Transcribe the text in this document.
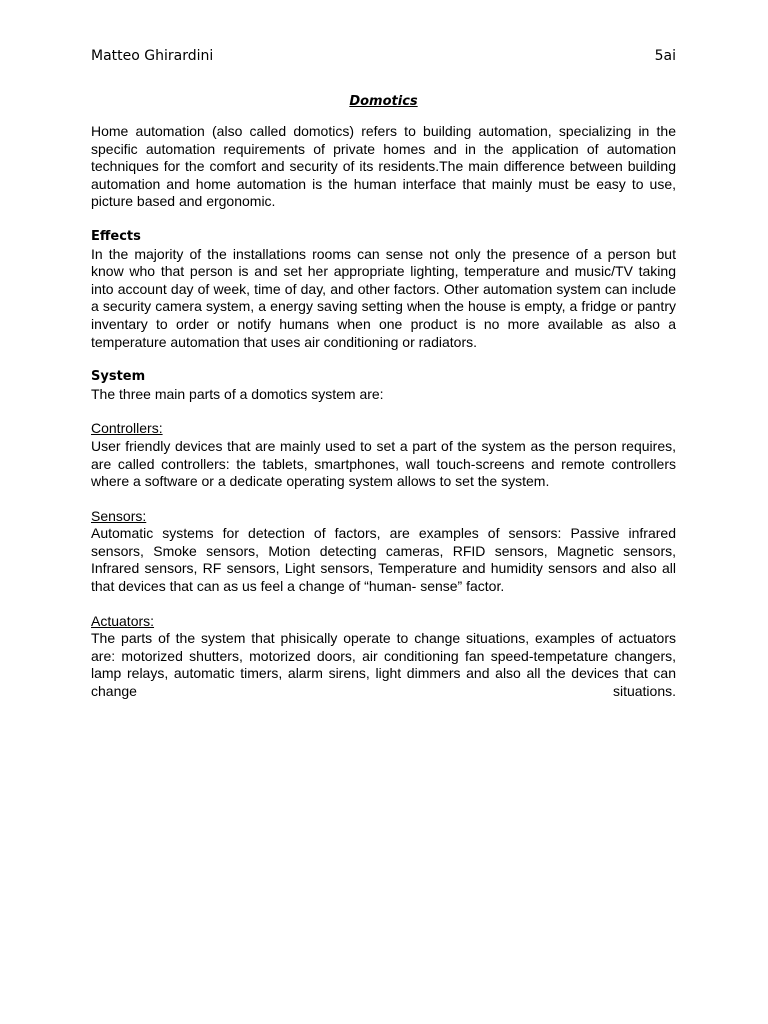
Matteo Ghirardini	5ai
Domotics

Home automation (also called domotics) refers to building automation, specializing in the specific automation requirements of private homes and in the application of automation techniques for the comfort and security of its residents.The main difference between building automation and home automation is the human interface that mainly must be easy to use, picture based and ergonomic.

Effects

In the majority of the installations rooms can sense not only the presence of a person but know who that person is and set her appropriate lighting, temperature and music/TV taking into account day of week, time of day, and other factors. Other automation system can include a security camera system, a energy saving setting when the house is empty, a fridge or pantry inventary to order or notify humans when one product is no more available as also a temperature automation that uses air conditioning or radiators.

System

The three main parts of a domotics system are:

Controllers:

User friendly devices that are mainly used to set a part of the system as the person requires, are called controllers: the tablets, smartphones, wall touch-screens and remote controllers where a software or a dedicate operating system allows to set the system.

Sensors:

Automatic systems for detection of factors, are examples of sensors: Passive infrared sensors, Smoke sensors, Motion detecting cameras, RFID sensors, Magnetic sensors, Infrared sensors, RF sensors, Light sensors, Temperature and humidity sensors and also all that devices that can as us feel a change of “human- sense” factor.

Actuators:

The parts of the system that phisically operate to change situations, examples of actuators are: motorized shutters, motorized doors, air conditioning fan speed-tempetature changers, lamp relays, automatic timers, alarm sirens, light dimmers and also all the devices that can change situations.
